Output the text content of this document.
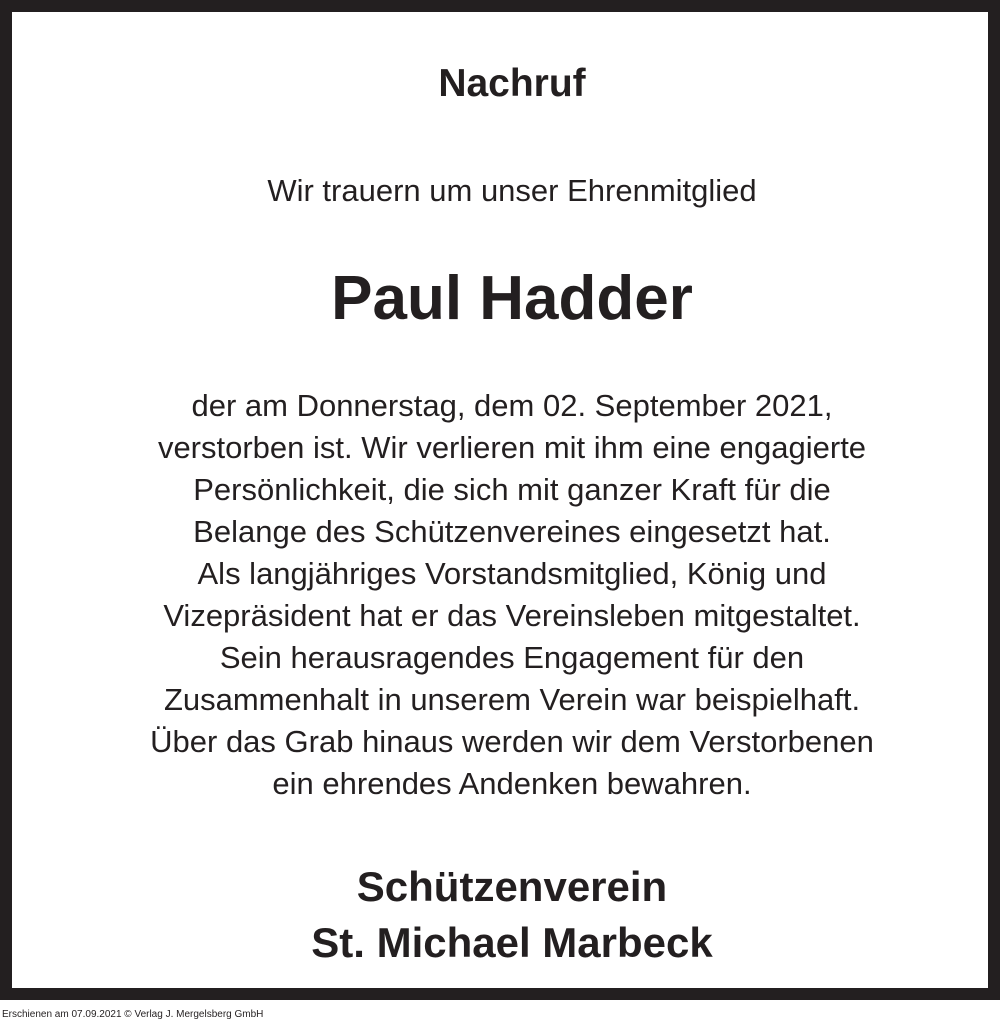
Nachruf
Wir trauern um unser Ehrenmitglied
Paul Hadder
der am Donnerstag, dem 02. September 2021,
verstorben ist. Wir verlieren mit ihm eine engagierte
Persönlichkeit, die sich mit ganzer Kraft für die
Belange des Schützenvereines eingesetzt hat.
Als langjähriges Vorstandsmitglied, König und
Vizepräsident hat er das Vereinsleben mitgestaltet.
Sein herausragendes Engagement für den
Zusammenhalt in unserem Verein war beispielhaft.
Über das Grab hinaus werden wir dem Verstorbenen
ein ehrendes Andenken bewahren.
Schützenverein
St. Michael Marbeck
Erschienen am 07.09.2021 © Verlag J. Mergelsberg GmbH
